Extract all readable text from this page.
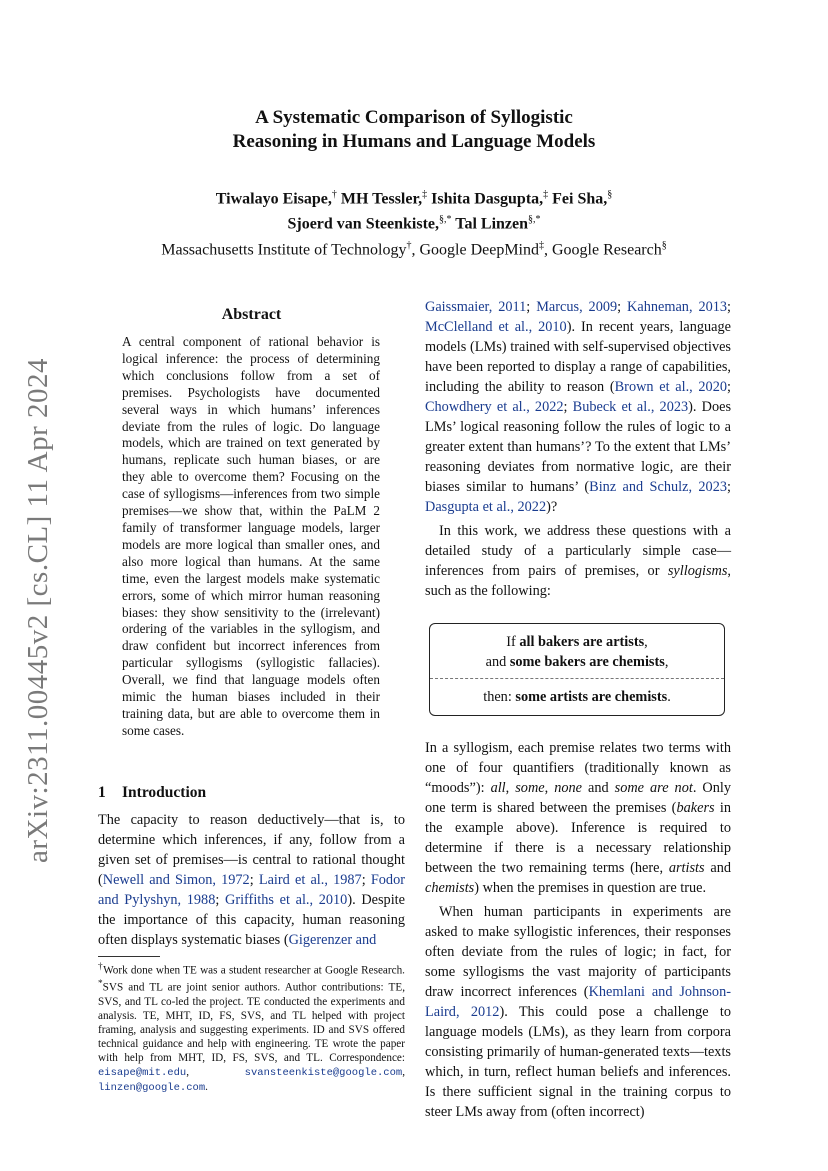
arXiv:2311.00445v2 [cs.CL] 11 Apr 2024
A Systematic Comparison of Syllogistic
Reasoning in Humans and Language Models
Tiwalayo Eisape,† MH Tessler,‡ Ishita Dasgupta,‡ Fei Sha,§
Sjoerd van Steenkiste,§,* Tal Linzen§,*
Massachusetts Institute of Technology†, Google DeepMind‡, Google Research§
Abstract

A central component of rational behavior is logical inference: the process of determining which conclusions follow from a set of premises. Psychologists have documented several ways in which humans’ inferences deviate from the rules of logic. Do language models, which are trained on text generated by humans, replicate such human biases, or are they able to overcome them? Focusing on the case of syllogisms—inferences from two simple premises—we show that, within the PaLM 2 family of transformer language models, larger models are more logical than smaller ones, and also more logical than humans. At the same time, even the largest models make systematic errors, some of which mirror human reasoning biases: they show sensitivity to the (irrelevant) ordering of the variables in the syllogism, and draw confident but incorrect inferences from particular syllogisms (syllogistic fallacies). Overall, we find that language models often mimic the human biases included in their training data, but are able to overcome them in some cases.

1 Introduction

The capacity to reason deductively—that is, to determine which inferences, if any, follow from a given set of premises—is central to rational thought (Newell and Simon, 1972; Laird et al., 1987; Fodor and Pylyshyn, 1988; Griffiths et al., 2010). Despite the importance of this capacity, human reasoning often displays systematic biases (Gigerenzer and

†Work done when TE was a student researcher at Google Research. *SVS and TL are joint senior authors. Author contributions: TE, SVS, and TL co-led the project. TE conducted the experiments and analysis. TE, MHT, ID, FS, SVS, and TL helped with project framing, analysis and suggesting experiments. ID and SVS offered technical guidance and help with engineering. TE wrote the paper with help from MHT, ID, FS, SVS, and TL. Correspondence: eisape@mit.edu, svansteenkiste@google.com, linzen@google.com.

Gaissmaier, 2011; Marcus, 2009; Kahneman, 2013; McClelland et al., 2010). In recent years, language models (LMs) trained with self-supervised objectives have been reported to display a range of capabilities, including the ability to reason (Brown et al., 2020; Chowdhery et al., 2022; Bubeck et al., 2023). Does LMs’ logical reasoning follow the rules of logic to a greater extent than humans’? To the extent that LMs’ reasoning deviates from normative logic, are their biases similar to humans’ (Binz and Schulz, 2023; Dasgupta et al., 2022)?

In this work, we address these questions with a detailed study of a particularly simple case—inferences from pairs of premises, or syllogisms, such as the following:

If all bakers are artists,
and some bakers are chemists,
then: some artists are chemists.

In a syllogism, each premise relates two terms with one of four quantifiers (traditionally known as “moods”): all, some, none and some are not. Only one term is shared between the premises (bakers in the example above). Inference is required to determine if there is a necessary relationship between the two remaining terms (here, artists and chemists) when the premises in question are true.

When human participants in experiments are asked to make syllogistic inferences, their responses often deviate from the rules of logic; in fact, for some syllogisms the vast majority of participants draw incorrect inferences (Khemlani and Johnson-Laird, 2012). This could pose a challenge to language models (LMs), as they learn from corpora consisting primarily of human-generated texts—texts which, in turn, reflect human beliefs and inferences. Is there sufficient signal in the training corpus to steer LMs away from (often incorrect)
